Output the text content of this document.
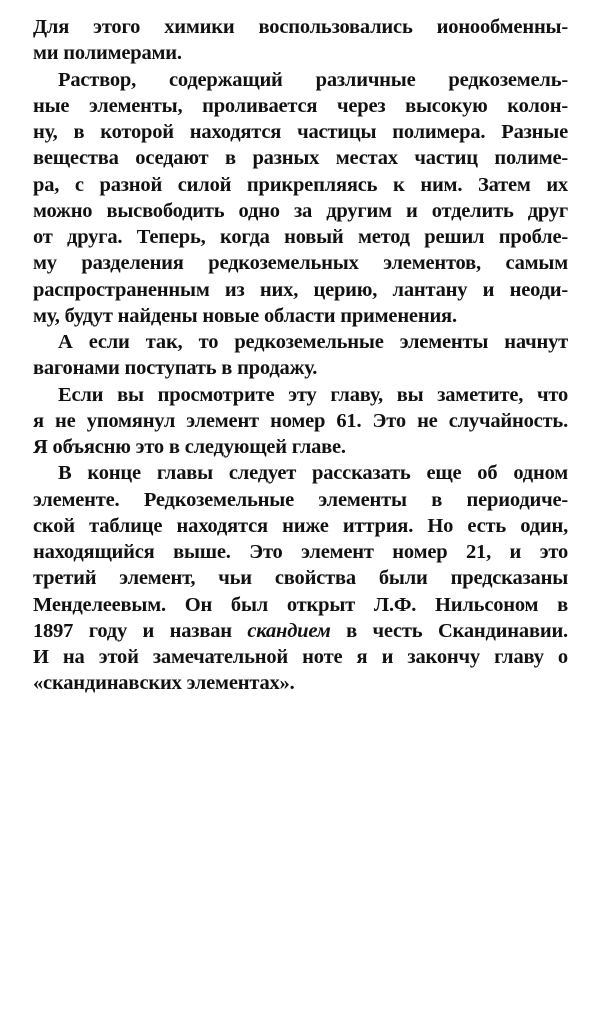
Для этого химики воспользовались ионообменны-
ми полимерами.
Раствор, содержащий различные редкоземель-
ные элементы, проливается через высокую колон-
ну, в которой находятся частицы полимера. Разные
вещества оседают в разных местах частиц полиме-
ра, с разной силой прикрепляясь к ним. Затем их
можно высвободить одно за другим и отделить друг
от друга. Теперь, когда новый метод решил пробле-
му разделения редкоземельных элементов, самым
распространенным из них, церию, лантану и неоди-
му, будут найдены новые области применения.
А если так, то редкоземельные элементы начнут
вагонами поступать в продажу.
Если вы просмотрите эту главу, вы заметите, что
я не упомянул элемент номер 61. Это не случайность.
Я объясню это в следующей главе.
В конце главы следует рассказать еще об одном
элементе. Редкоземельные элементы в периодиче-
ской таблице находятся ниже иттрия. Но есть один,
находящийся выше. Это элемент номер 21, и это
третий элемент, чьи свойства были предсказаны
Менделеевым. Он был открыт Л.Ф. Нильсоном в
1897 году и назван скандием в честь Скандинавии.
И на этой замечательной ноте я и закончу главу о
«скандинавских элементах».
